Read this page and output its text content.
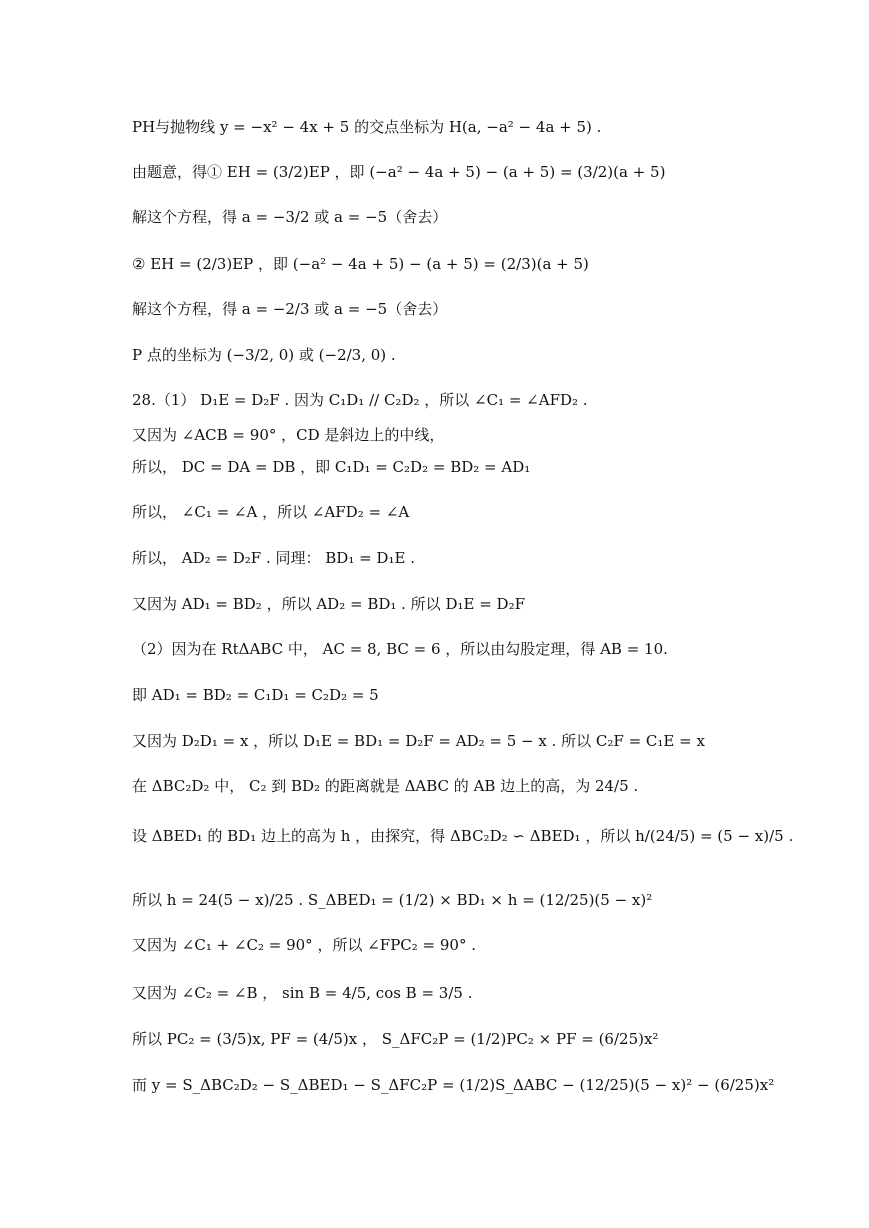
PH与抛物线 y = −x² − 4x + 5 的交点坐标为 H(a, −a² − 4a + 5) .
由题意，得① EH = (3/2)EP ，即 (−a² − 4a + 5) − (a + 5) = (3/2)(a + 5)
解这个方程，得 a = −3/2 或 a = −5（舍去）
② EH = (2/3)EP ，即 (−a² − 4a + 5) − (a + 5) = (2/3)(a + 5)
解这个方程，得 a = −2/3 或 a = −5（舍去）
P 点的坐标为 (−3/2, 0) 或 (−2/3, 0) .
28.（1） D₁E = D₂F . 因为 C₁D₁ // C₂D₂ ，所以 ∠C₁ = ∠AFD₂ .
又因为 ∠ACB = 90° ，CD 是斜边上的中线，
所以， DC = DA = DB ，即 C₁D₁ = C₂D₂ = BD₂ = AD₁
所以， ∠C₁ = ∠A ，所以 ∠AFD₂ = ∠A
所以， AD₂ = D₂F . 同理： BD₁ = D₁E .
又因为 AD₁ = BD₂ ，所以 AD₂ = BD₁ . 所以 D₁E = D₂F
（2）因为在 RtΔABC 中， AC = 8, BC = 6 ，所以由勾股定理，得 AB = 10.
即 AD₁ = BD₂ = C₁D₁ = C₂D₂ = 5
又因为 D₂D₁ = x ，所以 D₁E = BD₁ = D₂F = AD₂ = 5 − x . 所以 C₂F = C₁E = x
在 ΔBC₂D₂ 中， C₂ 到 BD₂ 的距离就是 ΔABC 的 AB 边上的高，为 24/5 .
设 ΔBED₁ 的 BD₁ 边上的高为 h ，由探究，得 ΔBC₂D₂ ∽ ΔBED₁ ，所以 h/(24/5) = (5 − x)/5 .
所以 h = 24(5 − x)/25 . S_ΔBED₁ = (1/2) × BD₁ × h = (12/25)(5 − x)²
又因为 ∠C₁ + ∠C₂ = 90° ，所以 ∠FPC₂ = 90° .
又因为 ∠C₂ = ∠B ， sin B = 4/5, cos B = 3/5 .
所以 PC₂ = (3/5)x, PF = (4/5)x ， S_ΔFC₂P = (1/2)PC₂ × PF = (6/25)x²
而 y = S_ΔBC₂D₂ − S_ΔBED₁ − S_ΔFC₂P = (1/2)S_ΔABC − (12/25)(5 − x)² − (6/25)x²
